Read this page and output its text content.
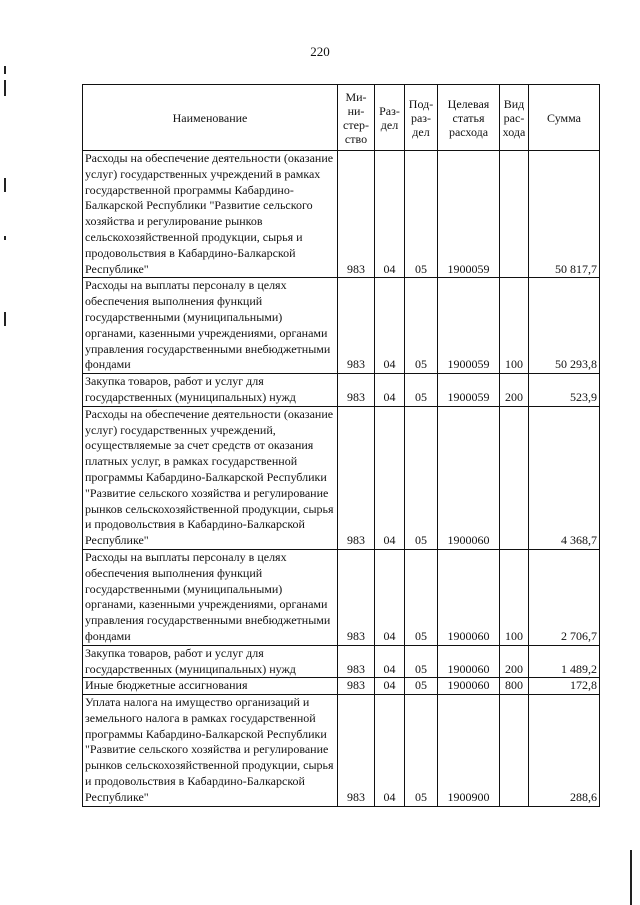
220
Наименование	Ми- ни- стер- ство	Раз- дел	Под- раз- дел	Целевая статья расхода	Вид рас- хода	Сумма
Расходы на обеспечение деятельности (оказание услуг) государственных учреждений в рамках государственной программы Кабардино-Балкарской Республики "Развитие сельского хозяйства и регулирование рынков сельскохозяйственной продукции, сырья и продовольствия в Кабардино-Балкарской Республике"	983	04	05	1900059		50 817,7
Расходы на выплаты персоналу в целях обеспечения выполнения функций государственными (муниципальными) органами, казенными учреждениями, органами управления государственными внебюджетными фондами	983	04	05	1900059	100	50 293,8
Закупка товаров, работ и услуг для государственных (муниципальных) нужд	983	04	05	1900059	200	523,9
Расходы на обеспечение деятельности (оказание услуг) государственных учреждений, осуществляемые за счет средств от оказания платных услуг, в рамках государственной программы Кабардино-Балкарской Республики "Развитие сельского хозяйства и регулирование рынков сельскохозяйственной продукции, сырья и продовольствия в Кабардино-Балкарской Республике"	983	04	05	1900060		4 368,7
Расходы на выплаты персоналу в целях обеспечения выполнения функций государственными (муниципальными) органами, казенными учреждениями, органами управления государственными внебюджетными фондами	983	04	05	1900060	100	2 706,7
Закупка товаров, работ и услуг для государственных (муниципальных) нужд	983	04	05	1900060	200	1 489,2
Иные бюджетные ассигнования	983	04	05	1900060	800	172,8
Уплата налога на имущество организаций и земельного налога в рамках государственной программы Кабардино-Балкарской Республики "Развитие сельского хозяйства и регулирование рынков сельскохозяйственной продукции, сырья и продовольствия в Кабардино-Балкарской Республике"	983	04	05	1900900		288,6
